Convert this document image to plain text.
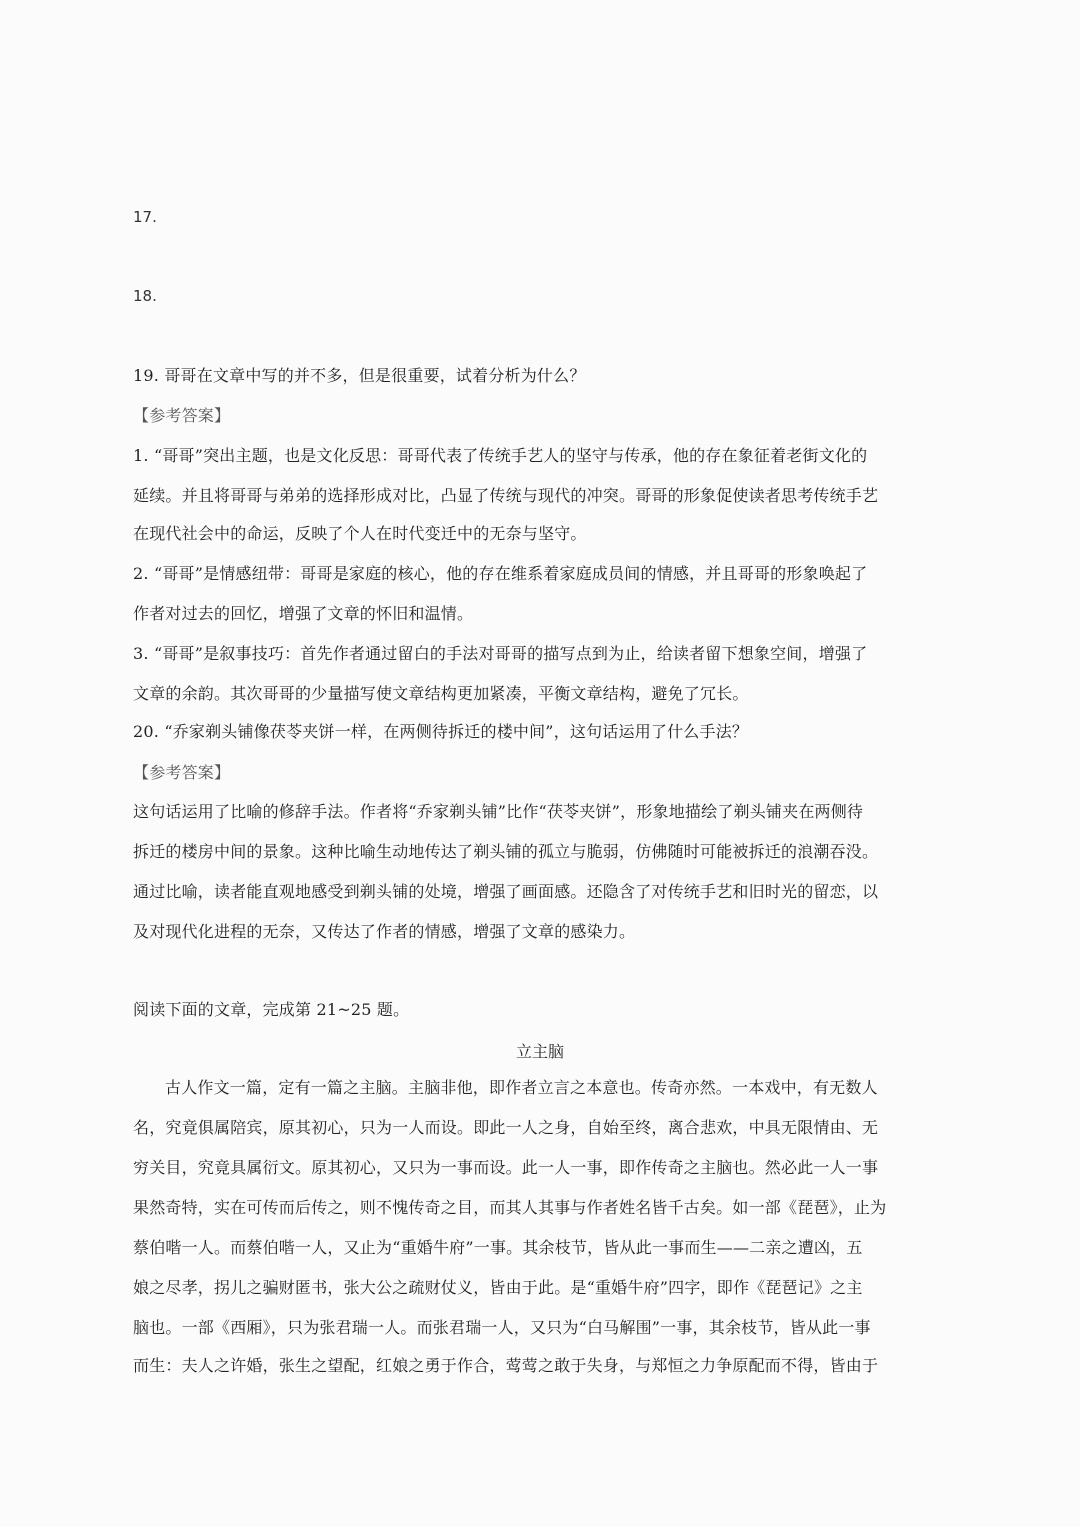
17.
18.
19. 哥哥在文章中写的并不多，但是很重要，试着分析为什么？
【参考答案】
1. “哥哥”突出主题，也是文化反思：哥哥代表了传统手艺人的坚守与传承，他的存在象征着老街文化的
延续。并且将哥哥与弟弟的选择形成对比，凸显了传统与现代的冲突。哥哥的形象促使读者思考传统手艺
在现代社会中的命运，反映了个人在时代变迁中的无奈与坚守。
2. “哥哥”是情感纽带：哥哥是家庭的核心，他的存在维系着家庭成员间的情感，并且哥哥的形象唤起了
作者对过去的回忆，增强了文章的怀旧和温情。
3. “哥哥”是叙事技巧：首先作者通过留白的手法对哥哥的描写点到为止，给读者留下想象空间，增强了
文章的余韵。其次哥哥的少量描写使文章结构更加紧凑，平衡文章结构，避免了冗长。
20. “乔家剃头铺像茯苓夹饼一样，在两侧待拆迁的楼中间”，这句话运用了什么手法？
【参考答案】
这句话运用了比喻的修辞手法。作者将“乔家剃头铺”比作“茯苓夹饼”，形象地描绘了剃头铺夹在两侧待
拆迁的楼房中间的景象。这种比喻生动地传达了剃头铺的孤立与脆弱，仿佛随时可能被拆迁的浪潮吞没。
通过比喻，读者能直观地感受到剃头铺的处境，增强了画面感。还隐含了对传统手艺和旧时光的留恋，以
及对现代化进程的无奈，又传达了作者的情感，增强了文章的感染力。
阅读下面的文章，完成第 21~25 题。
立主脑
古人作文一篇，定有一篇之主脑。主脑非他，即作者立言之本意也。传奇亦然。一本戏中，有无数人
名，究竟俱属陪宾，原其初心，只为一人而设。即此一人之身，自始至终，离合悲欢，中具无限情由、无
穷关目，究竟具属衍文。原其初心，又只为一事而设。此一人一事，即作传奇之主脑也。然必此一人一事
果然奇特，实在可传而后传之，则不愧传奇之目，而其人其事与作者姓名皆千古矣。如一部《琵琶》，止为
蔡伯喈一人。而蔡伯喈一人，又止为“重婚牛府”一事。其余枝节，皆从此一事而生——二亲之遭凶，五
娘之尽孝，拐儿之骗财匿书，张大公之疏财仗义，皆由于此。是“重婚牛府”四字，即作《琵琶记》之主
脑也。一部《西厢》，只为张君瑞一人。而张君瑞一人，又只为“白马解围”一事，其余枝节，皆从此一事
而生：夫人之许婚，张生之望配，红娘之勇于作合，莺莺之敢于失身，与郑恒之力争原配而不得，皆由于
